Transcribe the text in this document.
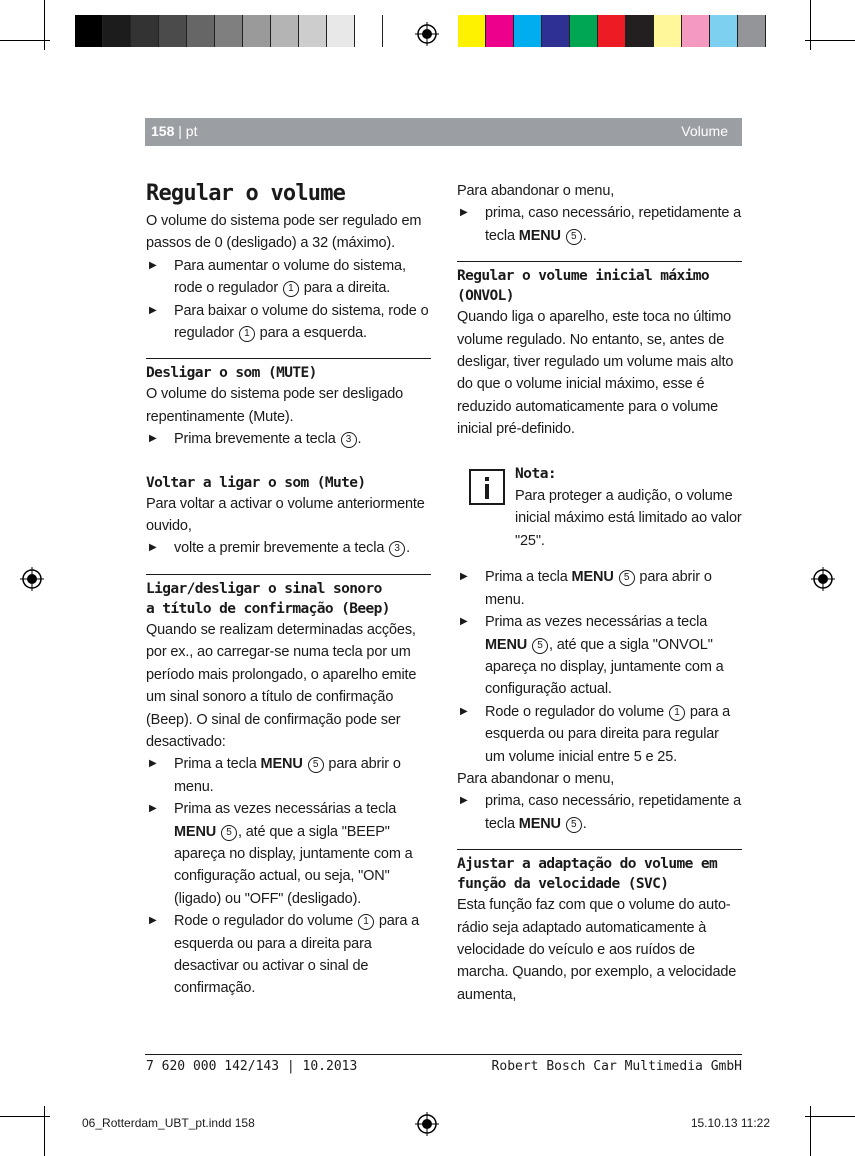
158 | pt	Volume
Regular o volume

O volume do sistema pode ser regulado em passos de 0 (desligado) a 32 (máximo).

▶ Para aumentar o volume do sistema, rode o regulador 1 para a direita.
▶ Para baixar o volume do sistema, rode o regulador 1 para a esquerda.
Desligar o som (MUTE)

O volume do sistema pode ser desligado repentinamente (Mute).

▶ Prima brevemente a tecla 3 .
Voltar a ligar o som (Mute)

Para voltar a activar o volume anteriormente ouvido,

▶ volte a premir brevemente a tecla 3 .
Ligar/desligar o sinal sonoro
a título de confirmação (Beep)

Quando se realizam determinadas acções, por ex., ao carregar-se numa tecla por um período mais prolongado, o aparelho emite um sinal sonoro a título de confirmação (Beep). O sinal de confirmação pode ser desactivado:

▶ Prima a tecla MENU 5 para abrir o menu.
▶ Prima as vezes necessárias a tecla MENU 5 , até que a sigla "BEEP" apareça no display, juntamente com a configuração actual, ou seja, "ON" (ligado) ou "OFF" (desligado).
▶ Rode o regulador do volume 1 para a esquerda ou para a direita para desactivar ou activar o sinal de confirmação.

Para abandonar o menu,

▶ prima, caso necessário, repetidamente a tecla MENU 5 .
Regular o volume inicial máximo
(ONVOL)

Quando liga o aparelho, este toca no último volume regulado. No entanto, se, antes de desligar, tiver regulado um volume mais alto do que o volume inicial máximo, esse é reduzido automaticamente para o volume inicial pré-definido.

Nota:

Para proteger a audição, o volume inicial máximo está limitado ao valor "25".

▶ Prima a tecla MENU 5 para abrir o menu.
▶ Prima as vezes necessárias a tecla MENU 5 , até que a sigla "ONVOL" apareça no display, juntamente com a configuração actual.
▶ Rode o regulador do volume 1 para a esquerda ou para direita para regular um volume inicial entre 5 e 25.

Para abandonar o menu,

▶ prima, caso necessário, repetidamente a tecla MENU 5 .
Ajustar a adaptação do volume em
função da velocidade (SVC)

Esta função faz com que o volume do auto-rádio seja adaptado automaticamente à velocidade do veículo e aos ruídos de marcha. Quando, por exemplo, a velocidade aumenta,

7 620 000 142/143 | 10.2013	Robert Bosch Car Multimedia GmbH
06_Rotterdam_UBT_pt.indd 158	15.10.13 11:22
